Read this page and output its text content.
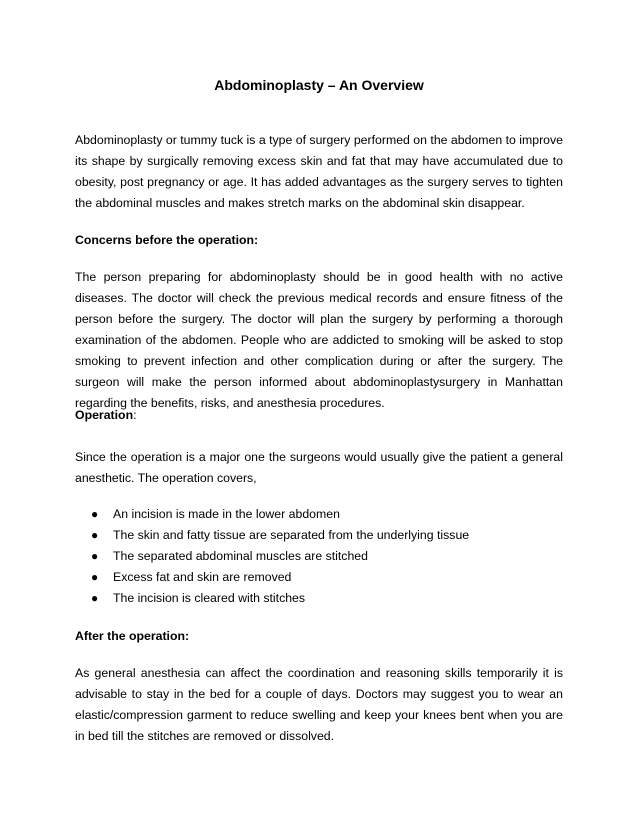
Abdominoplasty – An Overview

Abdominoplasty or tummy tuck is a type of surgery performed on the abdomen to improve its shape by surgically removing excess skin and fat that may have accumulated due to obesity, post pregnancy or age. It has added advantages as the surgery serves to tighten the abdominal muscles and makes stretch marks on the abdominal skin disappear.

Concerns before the operation:

The person preparing for abdominoplasty should be in good health with no active diseases. The doctor will check the previous medical records and ensure fitness of the person before the surgery. The doctor will plan the surgery by performing a thorough examination of the abdomen. People who are addicted to smoking will be asked to stop smoking to prevent infection and other complication during or after the surgery. The surgeon will make the person informed about abdominoplastysurgery in Manhattan regarding the benefits, risks, and anesthesia procedures.

Operation:

Since the operation is a major one the surgeons would usually give the patient a general anesthetic. The operation covers,

● An incision is made in the lower abdomen
● The skin and fatty tissue are separated from the underlying tissue
● The separated abdominal muscles are stitched
● Excess fat and skin are removed
● The incision is cleared with stitches

After the operation:

As general anesthesia can affect the coordination and reasoning skills temporarily it is advisable to stay in the bed for a couple of days. Doctors may suggest you to wear an elastic/compression garment to reduce swelling and keep your knees bent when you are in bed till the stitches are removed or dissolved.
